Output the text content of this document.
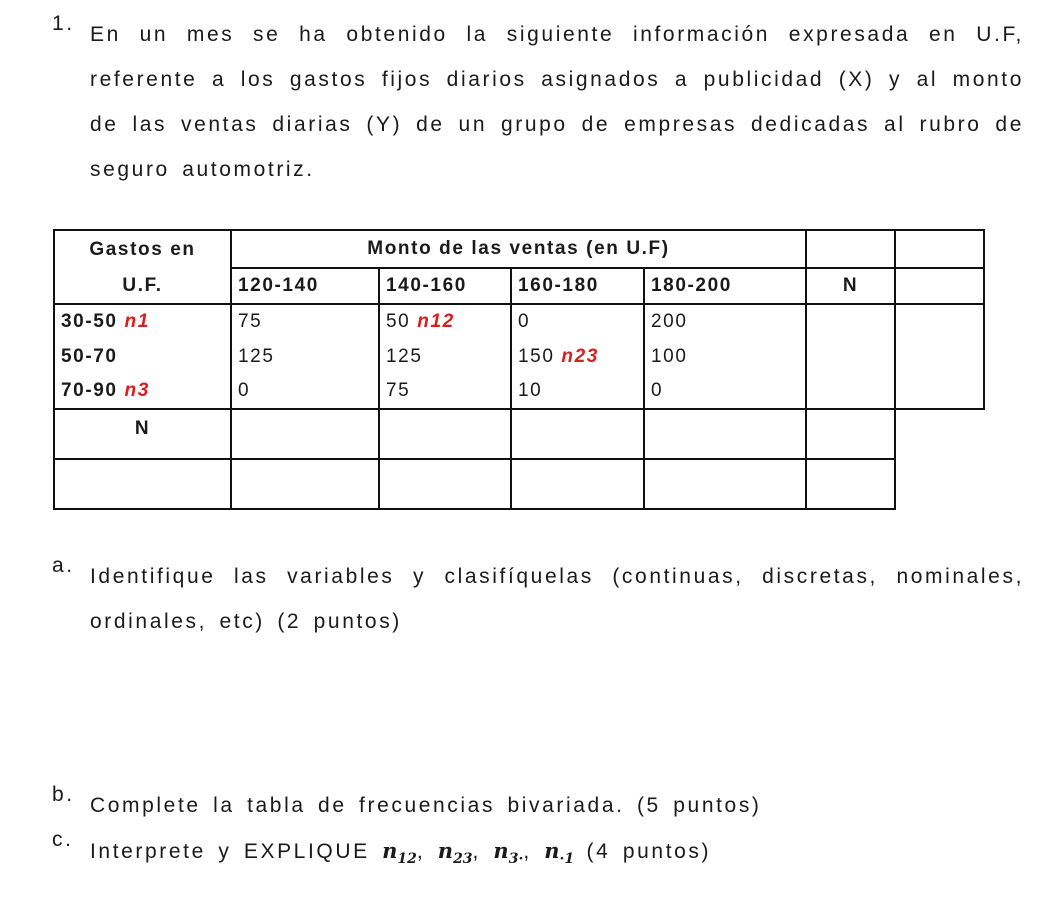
1. En un mes se ha obtenido la siguiente información expresada en U.F, referente a los gastos fijos diarios asignados a publicidad (X) y al monto de las ventas diarias (Y) de un grupo de empresas dedicadas al rubro de seguro automotriz.
Gastos en	Monto de las ventas (en U.F)					
U.F.	120-140	140-160	160-180	180-200	N	
30-50 n1	75	50 n12	0	200		
50-70	125	125	150 n23	100		
70-90 n3	0	75	10	0		
N						

a. Identifique las variables y clasifíquelas (continuas, discretas, nominales, ordinales, etc) (2 puntos)
b. Complete la tabla de frecuencias bivariada. (5 puntos)
c.
Interprete y EXPLIQUE $n_{12}$, $n_{23}$, $n_{3\cdot}$, $n_{\cdot 1}$ (4 puntos)
